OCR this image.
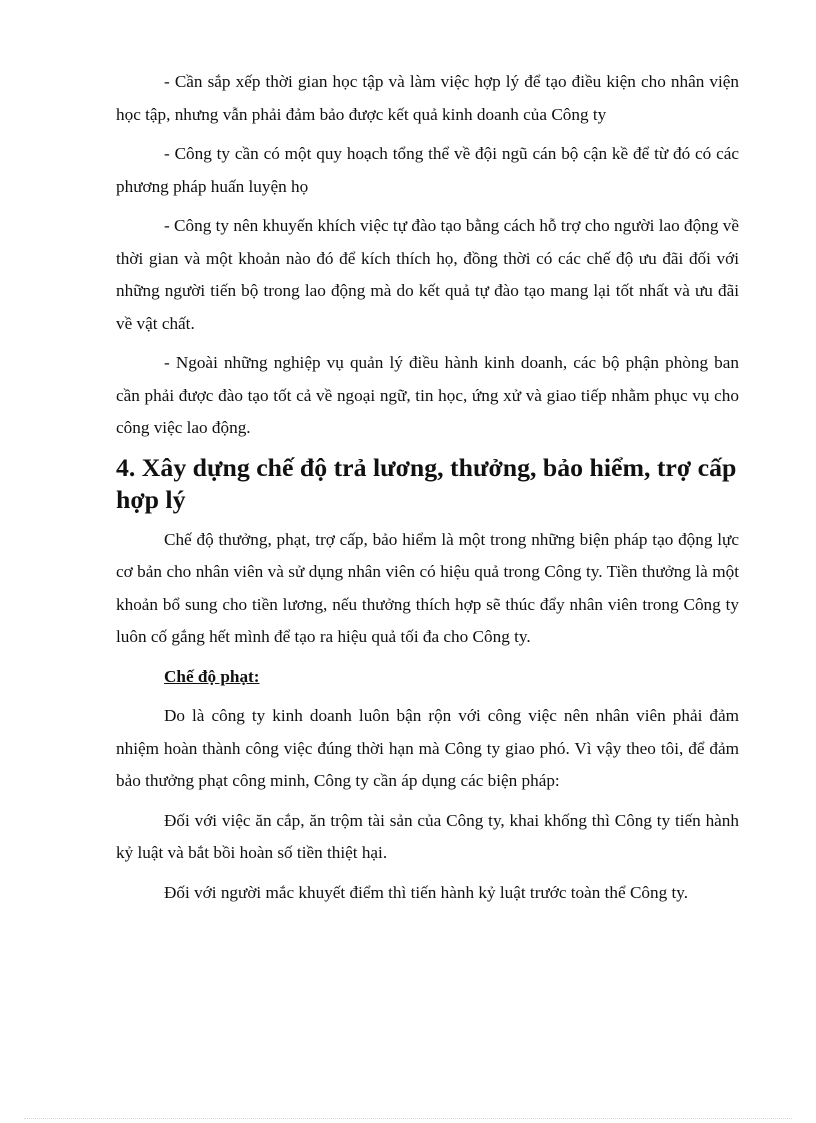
- Cần sắp xếp thời gian học tập và làm việc hợp lý để tạo điều kiện cho nhân viện học tập, nhưng vẫn phải đảm bảo được kết quả kinh doanh của Công ty

- Công ty cần có một quy hoạch tổng thể về đội ngũ cán bộ cận kề để từ đó có các phương pháp huấn luyện họ

- Công ty nên khuyến khích việc tự đào tạo bằng cách hỗ trợ cho người lao động về thời gian và một khoản nào đó để kích thích họ, đồng thời có các chế độ ưu đãi đối với những người tiến bộ trong lao động mà do kết quả tự đào tạo mang lại tốt nhất và ưu đãi về vật chất.

- Ngoài những nghiệp vụ quản lý điều hành kinh doanh, các bộ phận phòng ban cần phải được đào tạo tốt cả về ngoại ngữ, tin học, ứng xử và giao tiếp nhằm phục vụ cho công việc lao động.

4. Xây dựng chế độ trả lương, thưởng, bảo hiểm, trợ cấp hợp lý

Chế độ thưởng, phạt, trợ cấp, bảo hiểm là một trong những biện pháp tạo động lực cơ bản cho nhân viên và sử dụng nhân viên có hiệu quả trong Công ty. Tiền thưởng là một khoản bổ sung cho tiền lương, nếu thưởng thích hợp sẽ thúc đẩy nhân viên trong Công ty luôn cố gắng hết mình để tạo ra hiệu quả tối đa cho Công ty.

Chế độ phạt:

Do là công ty kinh doanh luôn bận rộn với công việc nên nhân viên phải đảm nhiệm hoàn thành công việc đúng thời hạn mà Công ty giao phó. Vì vậy theo tôi, để đảm bảo thưởng phạt công minh, Công ty cần áp dụng các biện pháp:

Đối với việc ăn cắp, ăn trộm tài sản của Công ty, khai khống thì Công ty tiến hành kỷ luật và bắt bồi hoàn số tiền thiệt hại.

Đối với người mắc khuyết điểm thì tiến hành kỷ luật trước toàn thể Công ty.
